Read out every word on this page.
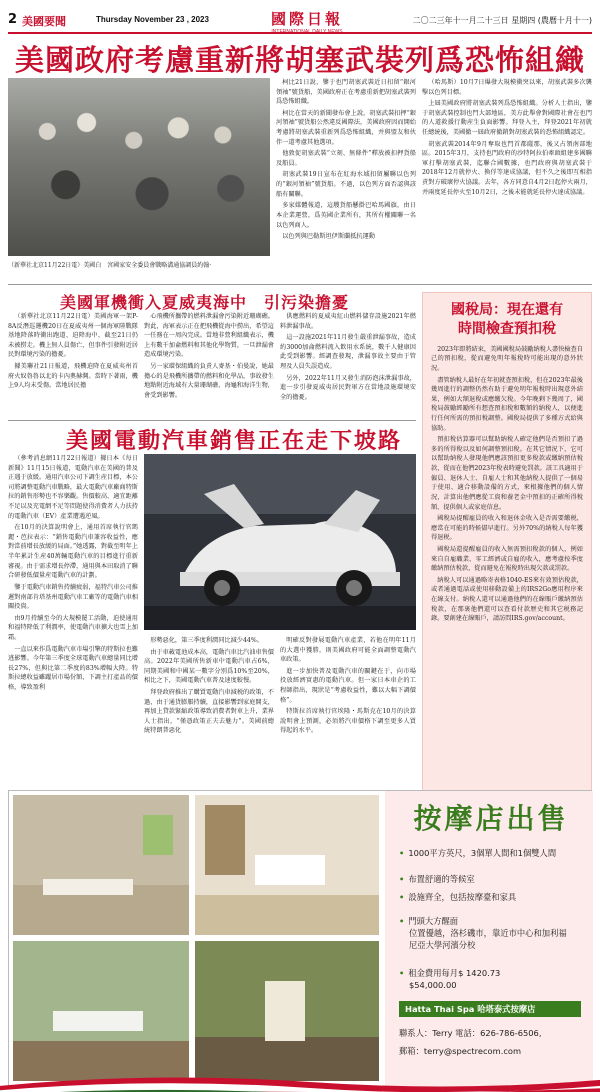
2 美國要聞	Thursday November 23 , 2023	國際日報
INTERNATIONAL DAILY NEWS
二〇二三年十一月二十三日 星期四 (農曆十月十一)
美國政府考慮重新將胡塞武裝列爲恐怖組織
（新華社北京11月22日電）美國白　宮國家安全委員會戰略溝通協調員約翰·

柯比21日說，鑒于也門胡塞武裝近日扣留“銀河領袖”號貨船，美國政府正在考慮重新把胡塞武裝列爲恐怖組織。

柯比在當天的新聞發布會上說，胡塞武裝扣押“銀河領袖”號貨船公然違反國際法，美國政府因而開始考慮將胡塞武裝重新列爲恐怖組織，并與盟友和伙伴一道考慮其他選項。

他敦促胡塞武裝“立刻、無條件”釋放被扣押貨船及船員。

胡塞武裝19日宣布在紅海水域扣留屬聯以色列的“銀河領袖”號貨船。不過，以色列方面否認與該船有關聯。

多家媒體報道，這艘貨船懸掛巴哈馬國旗，由日本企業運營，爲英國企業所有，其所有權關聯一名以色列商人。

以色列與巴勒斯坦伊斯蘭抵抗運動

（哈馬斯）10月7日爆發大規模衝突以來，胡塞武裝多次襲擊以色列目標。

上屆美國政府將胡塞武裝列爲恐怖組織。分析人士指出，鑒于胡塞武裝控制也門大部地區，美方此舉會對國際社會在也門的人道救援行動産生負面影響。拜登入主，拜登2021年初就任總統後，美國撤一屆政府撤銷對胡塞武裝的恐怖組織認定。

胡塞武裝2014年9月奪取也門首都薩那，後又占領南部地區。2015年3月，支持也門政府的沙特阿拉伯牽頭組建多國聯軍打擊胡塞武裝，迄聯合國數據，也門政府與胡塞武裝于2018年12月就停火、換俘等達成協議，但不久之後即互相指責對方破壞停火協議。去年，各方同意自4月2日起停火兩月，并兩度延長停火至10月2日，之後未能就延長停火達成協議。

美國軍機衝入夏威夷海中　引污染擔憂

（新華社北京11月22日電）美國海軍一架P-8A反潛巡邏機20日在夏威夷州一個海軍陸戰隊基地降落時衝出跑道、迫降海中，截至21日仍未被撈走。機上無人員傷亡，但事件引發附近居民對環境污染的擔憂。

據美聯社21日報道，飛機迫降在夏威夷州首府火奴魯魯以北的卡內奧赫灣。當時下著雨，機上9人均未受傷。當地居民擔

心飛機所攜帶的燃料泄漏會污染附近珊瑚礁。對此，海軍表示正在把飛機從海中撈出，希望這一任務在一周內完成。當地非營利組織表示，機上有數千加侖燃料和其他化學物質，一旦泄漏會造成環境污染。

另一家環保組織的負責人麥基・伯曼說，她最擔心的是飛機所攜帶的燃料和化學品，事故發生地點附近海域有大量珊瑚礁、海龜和海洋生物，會受到影響。

供應燃料的夏威夷紅山燃料儲存設施2021年燃料泄漏事故。

這一設施2021年11月發生嚴重泄漏事故，造成約3000加侖燃料流入飲用水系統，數千人健康因此受到影響。經調查發現，泄漏事故主要由于管理及人員失誤造成。

另外，2022年11月又發生消防泡沫泄漏事故，進一步引發夏威夷居民對軍方在當地設施環境安全的擔憂。

國稅局：現在還有
時間檢查預扣稅

2023年即將結束，美國國稅局鼓勵納稅人盡快檢查自己的預扣稅，從而避免明年報稅時可能出現的意外狀況。

盡管納稅人最好在年初就查預扣稅，但在2023年最後幾周進行的調整仍然有助于避免明年報稅時出現意外結果，例如大額退稅或應繳欠稅。今年晚剩下幾周了，國稅局鼓勵經勵所有想查預扣稅和數額的納稅人，以便進行任何所需的預扣稅調整。國稅局提供了多種方式給與協助。

預扣稅估算器可以幫助納稅人確定他們是否預扣了過多的所得稅以及如何調整預扣稅。在其它情況下，它可以幫助納稅人發現他們應該預扣更多稅款或繳納預估稅款，從而在他們2023年稅表時避免罰款。該工具適用于僱員、退休人士、自雇人士和其他納稅人提供了一個易于使用、適合移動設備的方式，來根據他們的個人情況，計算出他們應從工資和養老金中預扣的正確所得稅額，提供個人或家庭信息。

國稅局提醒雇員的收入和退休金收入是否需要繳税，應當在可能的時候儘早進行。另外70%的納稅人每年獲得退税。

國稅局還提醒雇員的收入無需預扣稅款的個人，例如來自自雇職業、零工經濟或自雇的收入，應考慮按季度繳納預估稅款，從而避免在報稅時出現欠款或罰款。

納稅人可以通過略寄表格1040-ES來有效預估稅款，或者通過電話或使用移動設備上的IRS2Go應用程序來在線支付。納稅人還可以通過他們的在線賬戶繳納預估稅款，在那裏他們還可以查看付款歷史和其它税務記錄。要創建在線賬戶，請訪問IRS.gov/account。

美國電動汽車銷售正在走下坡路

（參考消息網11月22日報道）據日本《每日新聞》11月15日報道，電動汽車在美國的普及正遇于放緩。通用汽車公司下調生産目標，本公司將調整電動汽車戰略，最大電動汽車廠商特斯拉的銷售形勢也不容樂觀。售價較高、適宜距離不足以及充電網不足等問題使得消費者人力扶持的電動汽車（EV）產業遭遇逆風。

在10月的決算說明會上，通用首席執行官瑪麗・芭拉表示：“銷售電動汽車兼容收益性，應對當前增長放緩的局面。”她透露，對截至明年上半年累計生産40萬輛電動汽車的目標進行重新審視。由于需求增長停滯，通用與本田取消了聯合研發低價量産電動汽車的計劃。

鑒于電動汽車銷售持續疲弱，福特汽車公司推遲對南部肯塔基州電動汽車工廠等的電動汽車相關投資。

由9月持續至今的大規模罷工活動，迫使通用和福特降低了利潤率，使電動汽車擴大也雪上加霜。

一直以來作爲電動汽車市場引擎的特斯拉也難逃影響。今年第三季度全球電動汽車總量同比增長27%，但與比第二季度的83%增幅大降。特斯拉總收益雖躍居市場份額，下調主打產品的價格，導致盈利

形勢惡化，第三季度利潤同比減少44%。

由于車載電池成本高，電動汽車比汽油車售價高。2022年美國所售新車中電動汽車占6%，同期美國和中國某一數字分別爲10%至20%，相比之下，美國電動汽車普及速度較慢。

拜登政府推出了購買電動汽車減税的政策，不過，由于通貨膨脹持續，直接影響到家庭開支，再加上貸款緊縮政策導致消費者對車上升，業界人士指出，“僅憑政策正夫去魅力”。美國前總統特朗普惡化

明確反對發展電動汽車產業，若他在明年11月的大選中獲勝，則美國政府可能全面調整電動汽車政策。

進一步加快普及電動汽車的關鍵在于，向市場投放經濟實惠的電動汽車。但一家日本車企的工程師指出，現狀是“考慮收益性，難以大幅下調價格”。

特斯拉首席執行官埃隆・馬斯克在10月的決算說明會上預測，必須將汽車價格下調至更多人買得起的水平。

按摩店出售
• 1000平方英尺，3個單人間和1個雙人間
• 布置舒適的等候室
• 設施齊全，包括按摩臺和家具
• 門頭大方醒面
位置優越，洛杉磯市，靠近市中心和加利福
尼亞大學河濱分校
• 租金費用每月$ 1420.73
$54,000.00
Hatta Thai Spa 哈塔泰式按摩店
聯系人：Terry 電話：626-786-6506,
郵箱：terry@spectrecom.com
